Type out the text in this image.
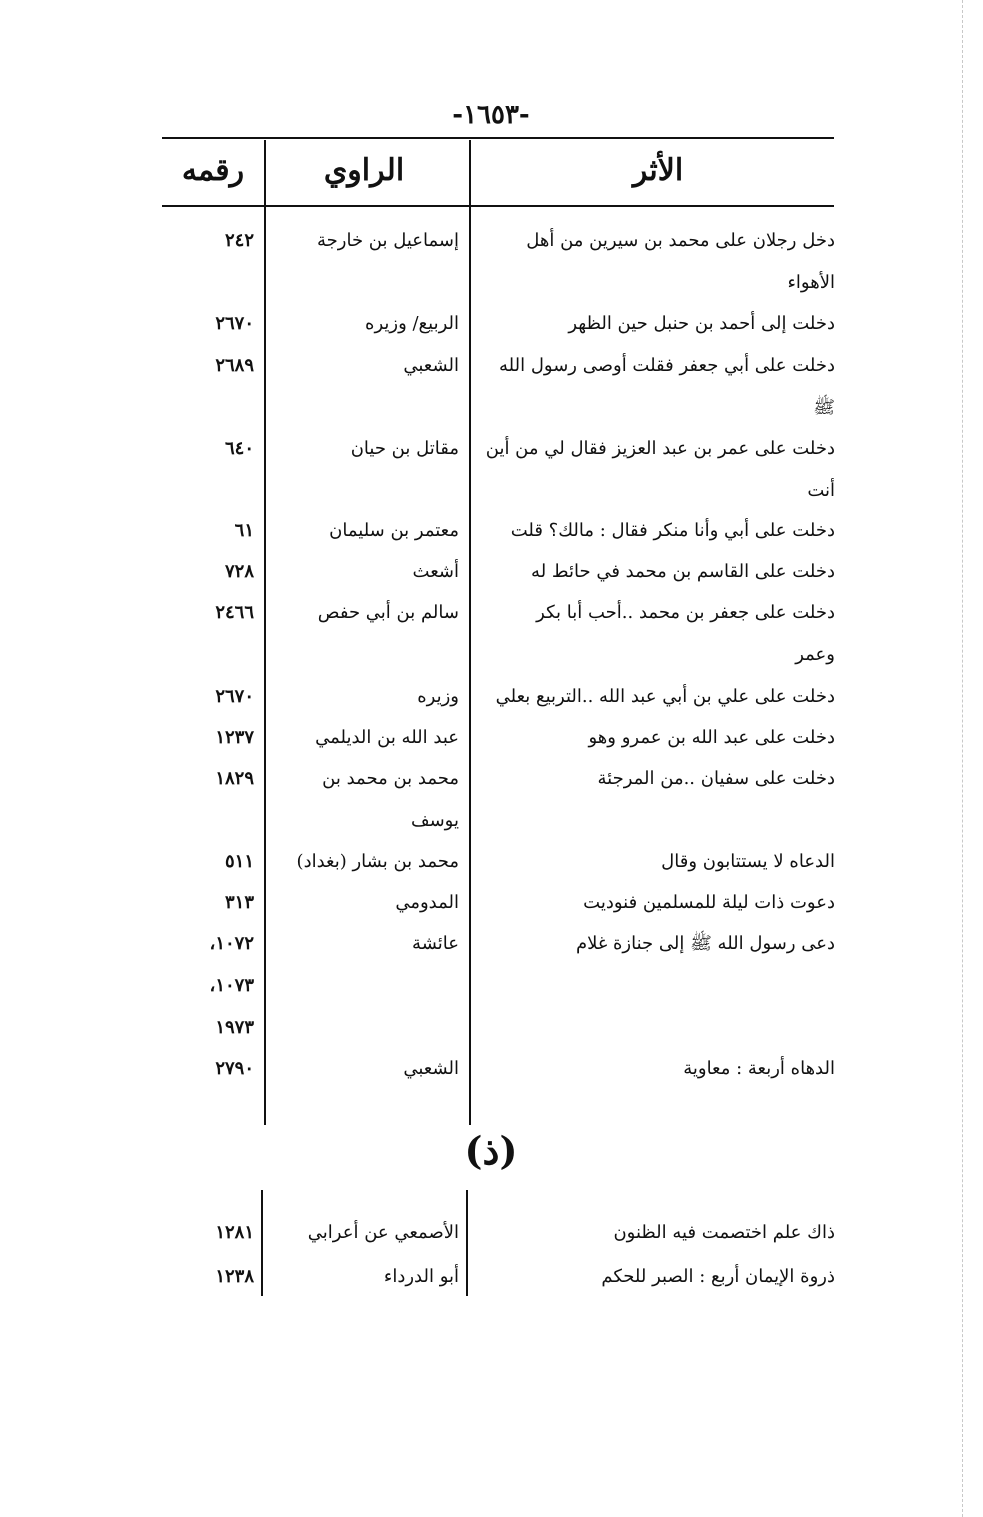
-١٦٥٣-
الأثر
الراوي
رقمه
دخل رجلان على محمد بن سيرين من أهل
الأهواء
إسماعيل بن خارجة
٢٤٢
دخلت إلى أحمد بن حنبل حين الظهر
الربيع/ وزيره
٢٦٧٠
دخلت على أبي جعفر فقلت أوصى رسول الله
ﷺ
الشعبي
٢٦٨٩
دخلت على عمر بن عبد العزيز فقال لي من أين
أنت
مقاتل بن حيان
٦٤٠
دخلت على أبي وأنا منكر فقال : مالك؟ قلت
معتمر بن سليمان
٦١
دخلت على القاسم بن محمد في حائط له
أشعث
٧٢٨
دخلت على جعفر بن محمد ..أحب أبا بكر
وعمر
سالم بن أبي حفص
٢٤٦٦
دخلت على علي بن أبي عبد الله ..التربيع بعلي
وزيره
٢٦٧٠
دخلت على عبد الله بن عمرو وهو
عبد الله بن الديلمي
١٢٣٧
دخلت على سفيان ..من المرجئة
محمد بن محمد بن
يوسف
١٨٢٩
الدعاه لا يستتابون وقال
محمد بن بشار (بغداد)
٥١١
دعوت ذات ليلة للمسلمين فنوديت
المدومي
٣١٣
دعى رسول الله ﷺ إلى جنازة غلام
عائشة
١٠٧٢،
١٠٧٣،
١٩٧٣
الدهاه أربعة : معاوية
الشعبي
٢٧٩٠
(ذ)
ذاك علم اختصمت فيه الظنون
الأصمعي عن أعرابي
١٢٨١
ذروة الإيمان أربع : الصبر للحكم
أبو الدرداء
١٢٣٨
